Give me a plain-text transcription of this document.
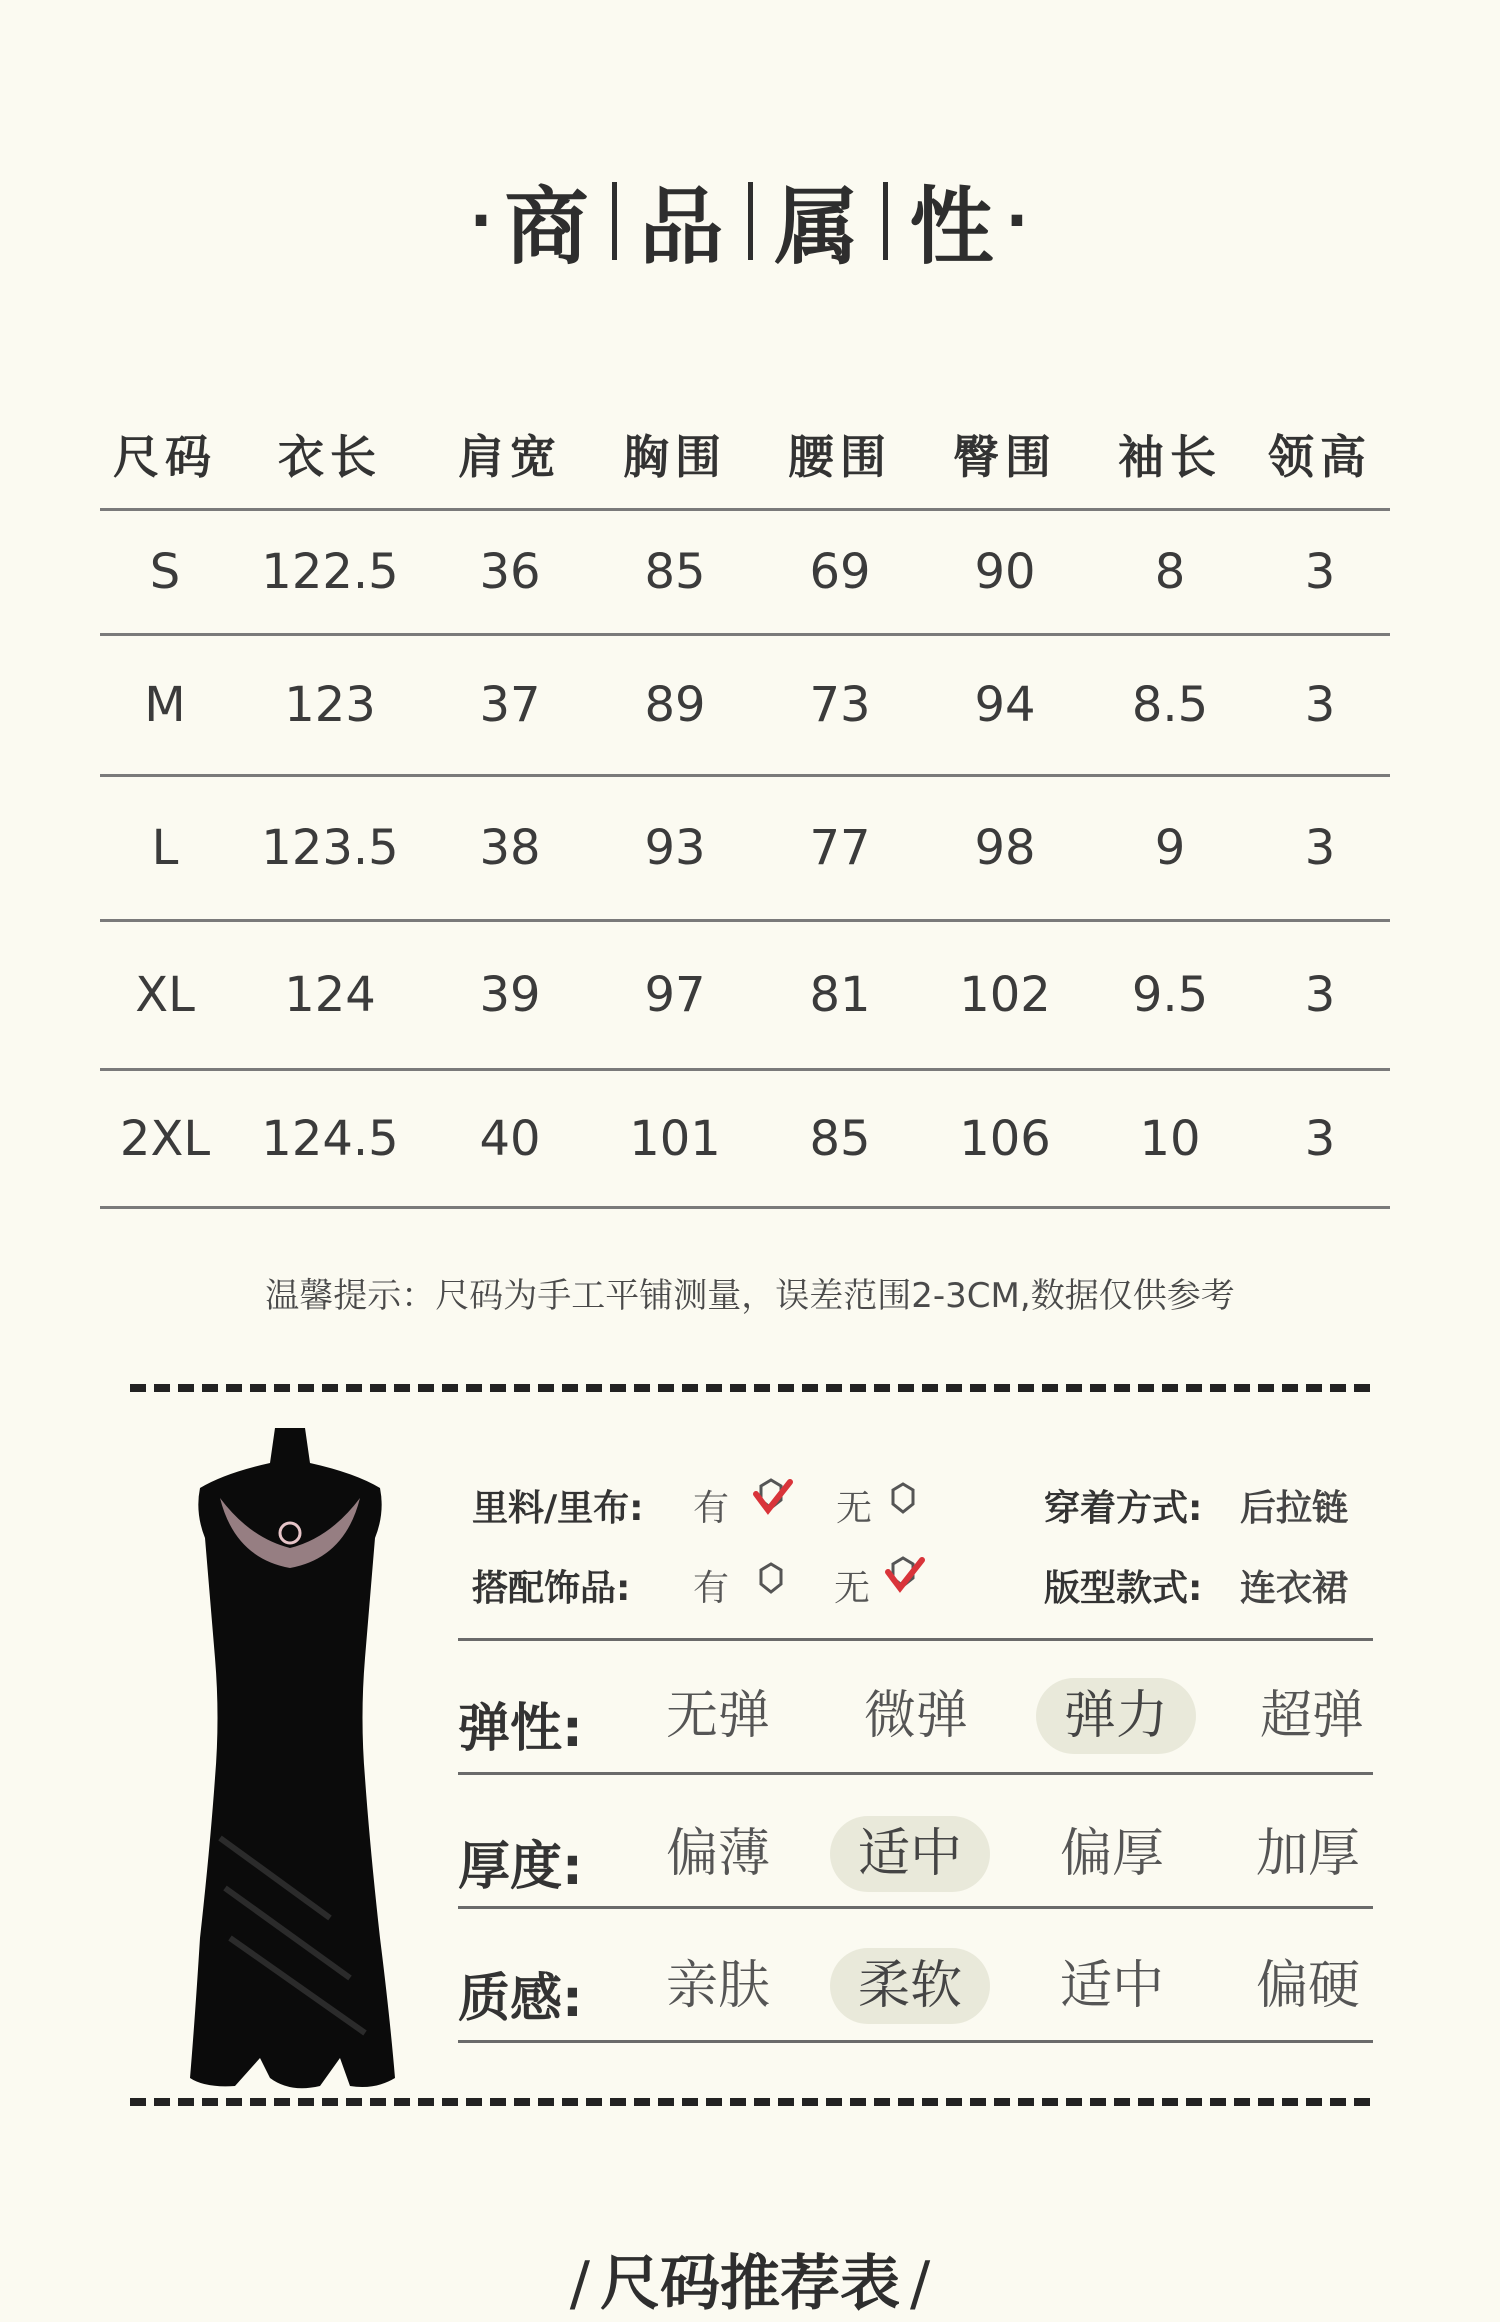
· 商 品 属 性 ·
尺码	衣长	肩宽	胸围	腰围	臀围	袖长	领高
S	122.5	36	85	69	90	8	3
M	123	37	89	73	94	8.5	3
L	123.5	38	93	77	98	9	3
XL	124	39	97	81	102	9.5	3
2XL	124.5	40	101	85	106	10	3
温馨提示：尺码为手工平铺测量，误差范围2-3CM,数据仅供参考
里料/里布: 有	无	穿着方式: 后拉链
搭配饰品: 有	无	版型款式: 连衣裙
弹性:	无弹	微弹	弹力	超弹
厚度:	偏薄	适中	偏厚	加厚
质感:	亲肤	柔软	适中	偏硬
/ 尺码推荐表 /
